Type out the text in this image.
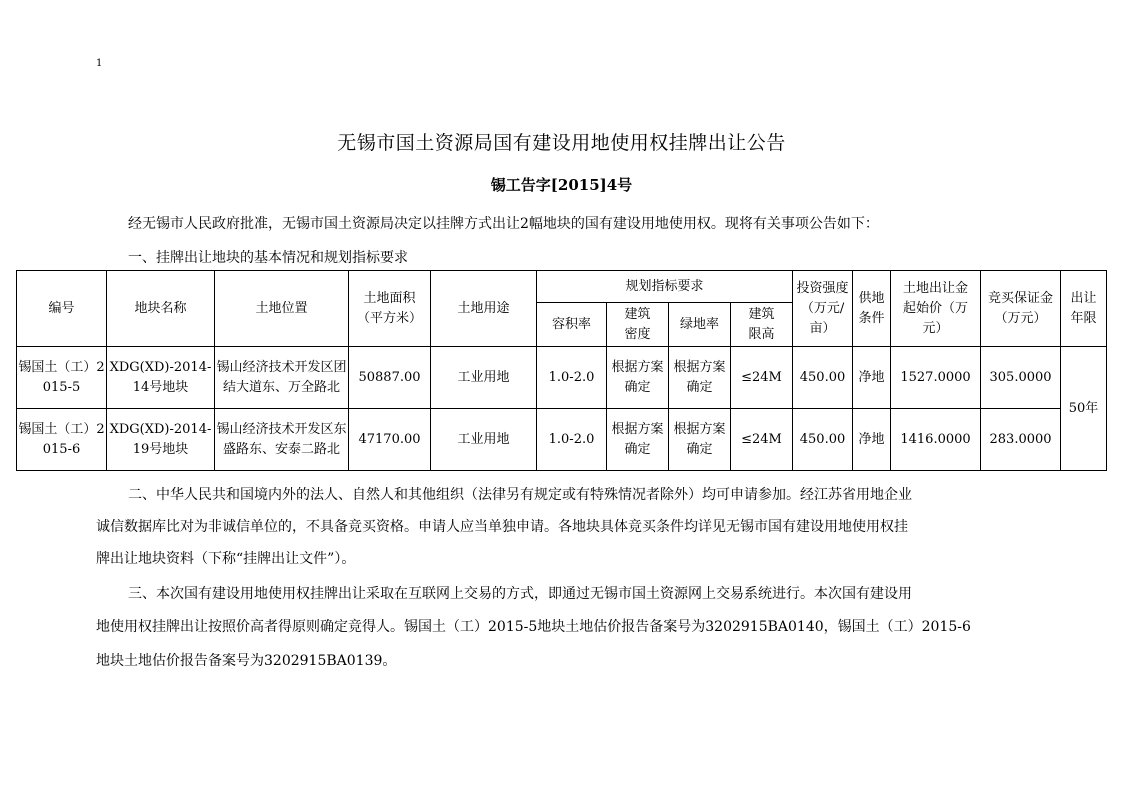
1
无锡市国土资源局国有建设用地使用权挂牌出让公告
锡工告字[2015]4号
经无锡市人民政府批准，无锡市国土资源局决定以挂牌方式出让2幅地块的国有建设用地使用权。现将有关事项公告如下：
一、挂牌出让地块的基本情况和规划指标要求
编号	地块名称	土地位置	土地面积（平方米）	土地用途	规划指标要求				投资强度（万元/亩）	供地条件	土地出让金起始价（万元）	竞买保证金（万元）	出让年限
					容积率	建筑密度	绿地率	建筑限高					
锡国土（工）2015-5	XDG(XD)-2014-14号地块	锡山经济技术开发区团结大道东、万全路北	50887.00	工业用地	1.0-2.0	根据方案确定	根据方案确定	≤24M	450.00	净地	1527.0000	305.0000	50年
锡国土（工）2015-6	XDG(XD)-2014-19号地块	锡山经济技术开发区东盛路东、安泰二路北	47170.00	工业用地	1.0-2.0	根据方案确定	根据方案确定	≤24M	450.00	净地	1416.0000	283.0000	
二、中华人民共和国境内外的法人、自然人和其他组织（法律另有规定或有特殊情况者除外）均可申请参加。经江苏省用地企业
诚信数据库比对为非诚信单位的，不具备竞买资格。申请人应当单独申请。各地块具体竞买条件均详见无锡市国有建设用地使用权挂
牌出让地块资料（下称“挂牌出让文件”）。
三、本次国有建设用地使用权挂牌出让采取在互联网上交易的方式，即通过无锡市国土资源网上交易系统进行。本次国有建设用
地使用权挂牌出让按照价高者得原则确定竞得人。锡国土（工）2015-5地块土地估价报告备案号为3202915BA0140，锡国土（工）2015-6
地块土地估价报告备案号为3202915BA0139。
